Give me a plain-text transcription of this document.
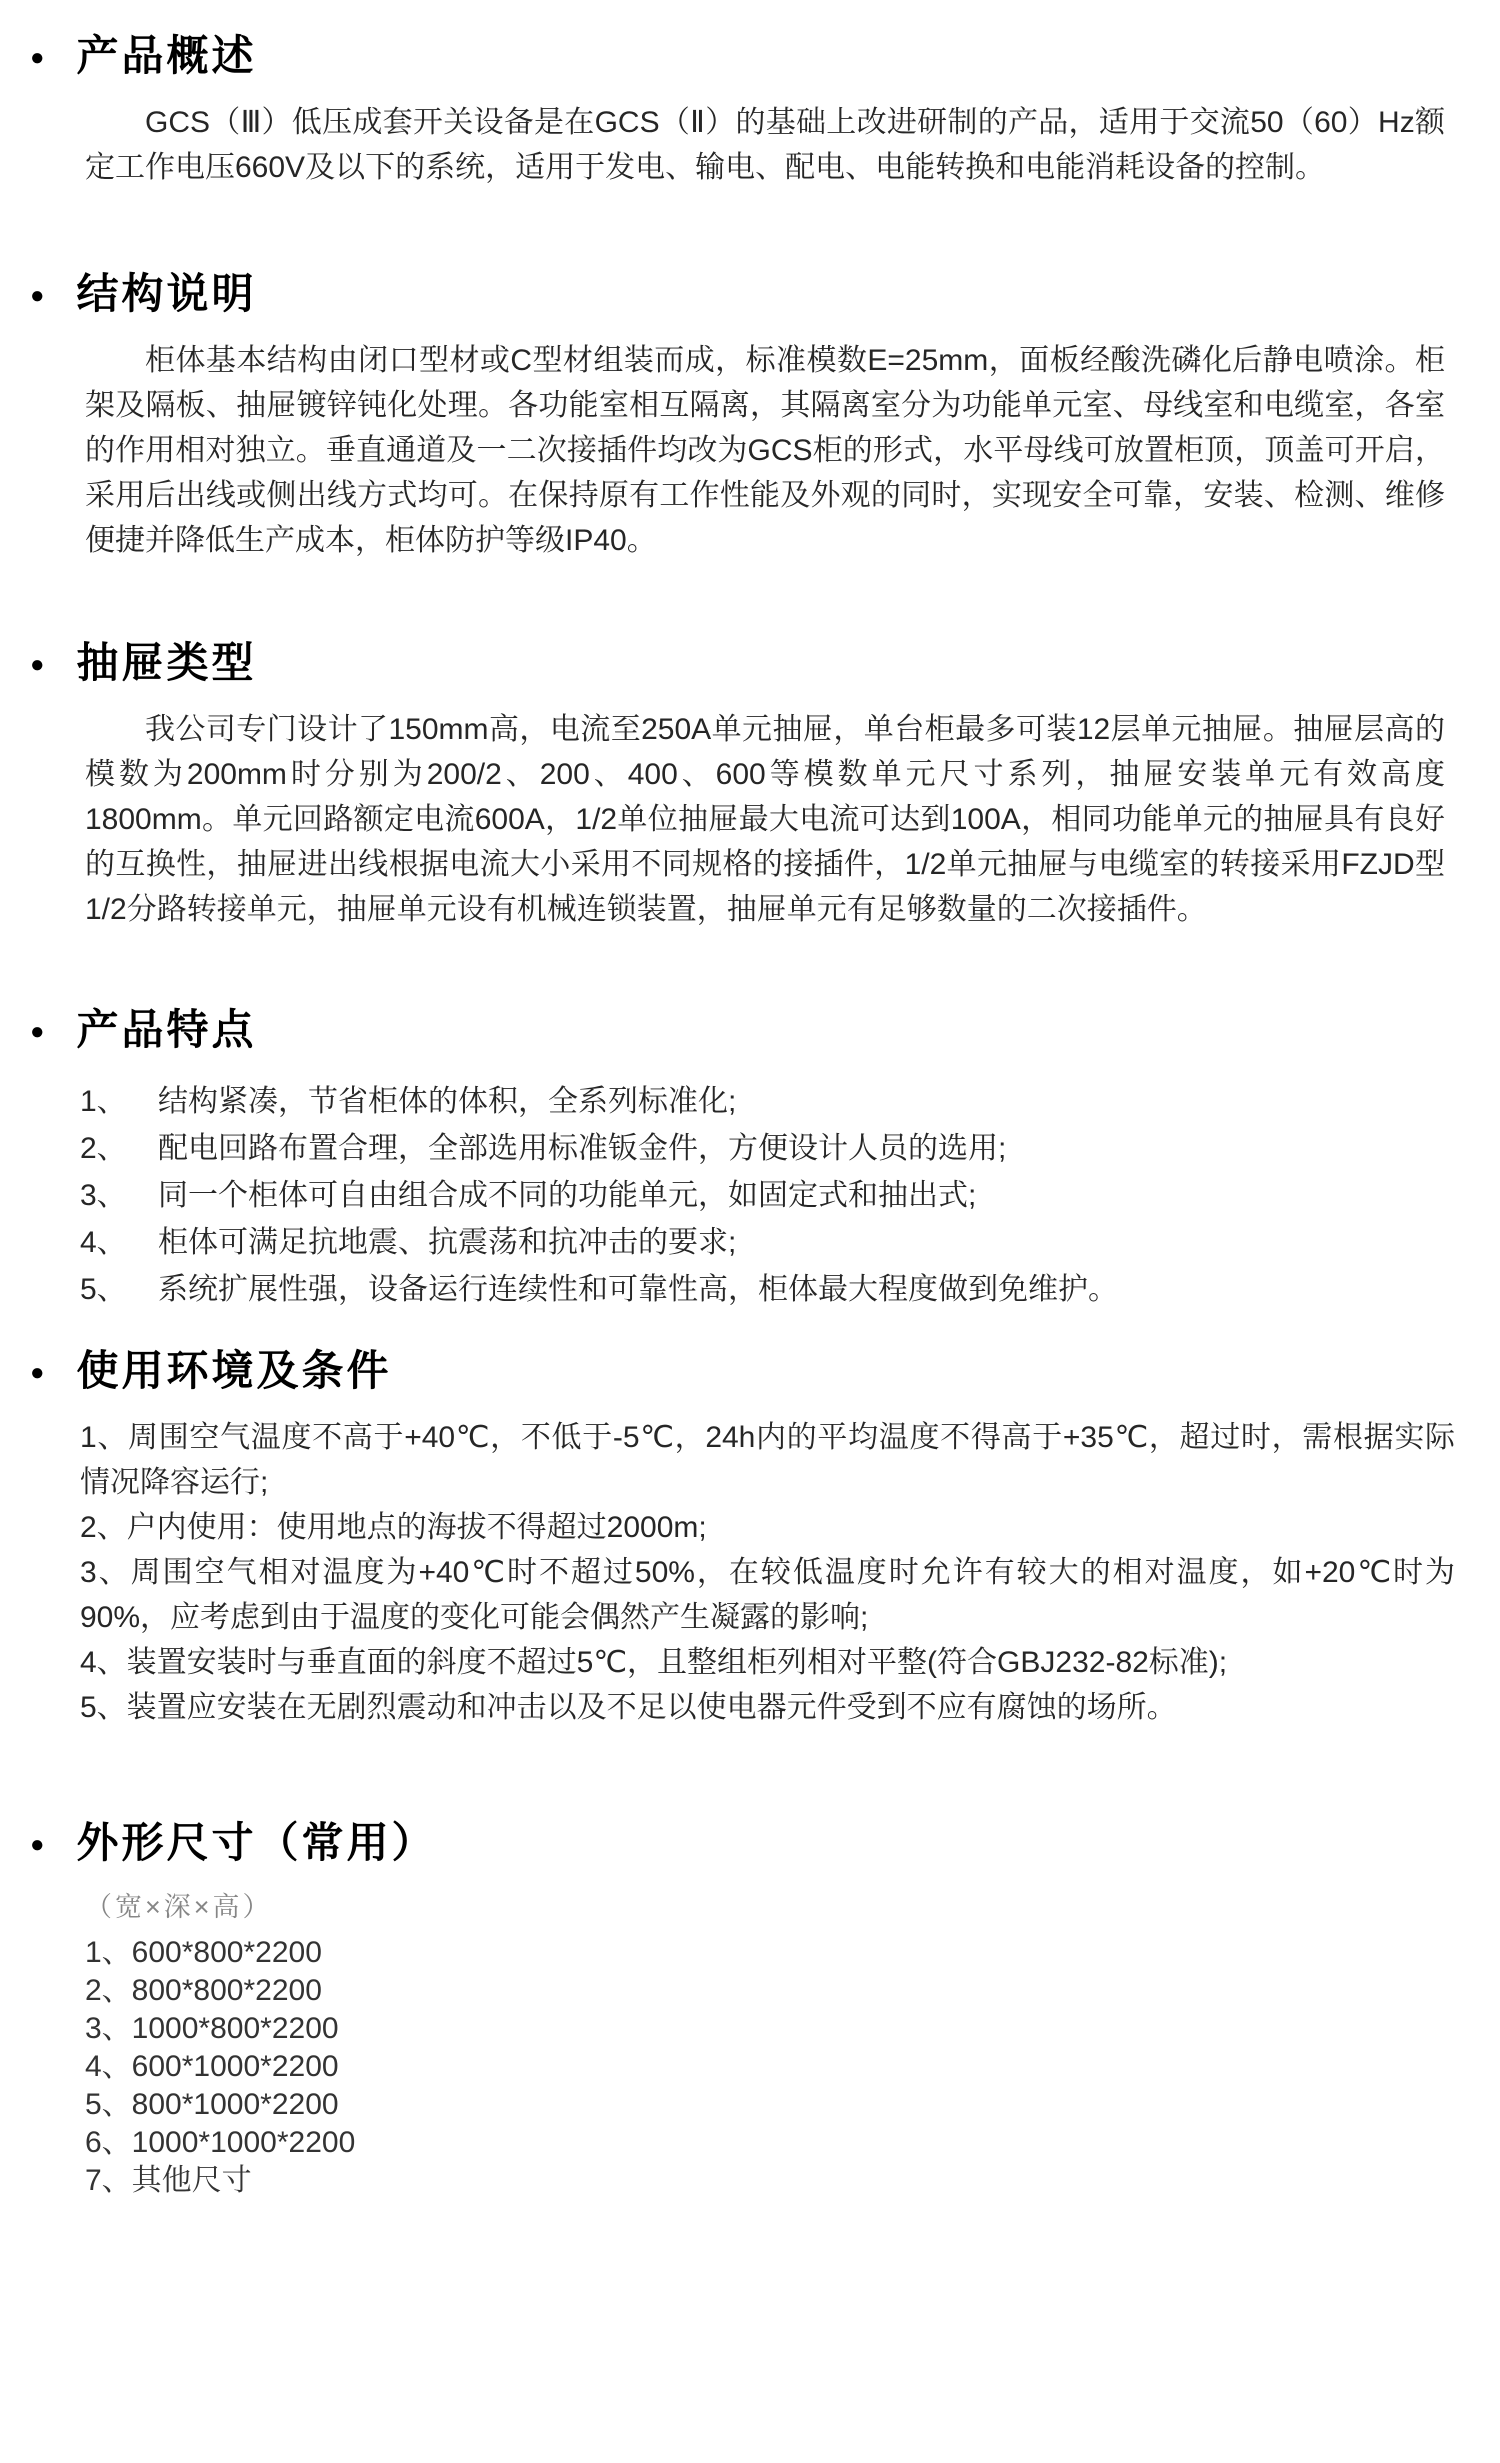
● 产品概述

GCS（Ⅲ）低压成套开关设备是在GCS（Ⅱ）的基础上改进研制的产品，适用于交流50（60）Hz额定工作电压660V及以下的系统，适用于发电、输电、配电、电能转换和电能消耗设备的控制。

● 结构说明

柜体基本结构由闭口型材或C型材组装而成，标准模数E=25mm，面板经酸洗磷化后静电喷涂。柜架及隔板、抽屉镀锌钝化处理。各功能室相互隔离，其隔离室分为功能单元室、母线室和电缆室，各室的作用相对独立。垂直通道及一二次接插件均改为GCS柜的形式，水平母线可放置柜顶，顶盖可开启，采用后出线或侧出线方式均可。在保持原有工作性能及外观的同时，实现安全可靠，安装、检测、维修便捷并降低生产成本，柜体防护等级IP40。

● 抽屉类型

我公司专门设计了150mm高，电流至250A单元抽屉，单台柜最多可装12层单元抽屉。抽屉层高的模数为200mm时分别为200/2、200、400、600等模数单元尺寸系列，抽屉安装单元有效高度1800mm。单元回路额定电流600A，1/2单位抽屉最大电流可达到100A，相同功能单元的抽屉具有良好的互换性，抽屉进出线根据电流大小采用不同规格的接插件，1/2单元抽屉与电缆室的转接采用FZJD型1/2分路转接单元，抽屉单元设有机械连锁装置，抽屉单元有足够数量的二次接插件。

● 产品特点
1、	结构紧凑，节省柜体的体积，全系列标准化;
2、	配电回路布置合理，全部选用标准钣金件，方便设计人员的选用;
3、	同一个柜体可自由组合成不同的功能单元，如固定式和抽出式;
4、	柜体可满足抗地震、抗震荡和抗冲击的要求;
5、	系统扩展性强，设备运行连续性和可靠性高，柜体最大程度做到免维护。
● 使用环境及条件

1、周围空气温度不高于+40℃，不低于-5℃，24h内的平均温度不得高于+35℃，超过时，需根据实际情况降容运行;

2、户内使用：使用地点的海拔不得超过2000m;

3、周围空气相对温度为+40℃时不超过50%，在较低温度时允许有较大的相对温度，如+20℃时为90%，应考虑到由于温度的变化可能会偶然产生凝露的影响;

4、装置安装时与垂直面的斜度不超过5℃，且整组柜列相对平整(符合GBJ232-82标准);

5、装置应安装在无剧烈震动和冲击以及不足以使电器元件受到不应有腐蚀的场所。

● 外形尺寸（常用）

（宽×深×高）

1、600*800*2200

2、800*800*2200

3、1000*800*2200

4、600*1000*2200

5、800*1000*2200

6、1000*1000*2200

7、其他尺寸
